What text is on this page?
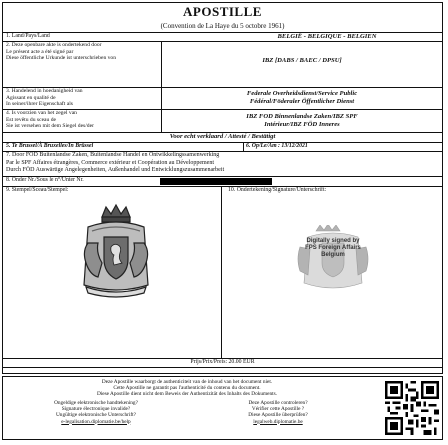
APOSTILLE
(Convention de La Haye du 5 octobre 1961)
1. Land/Pays/Land	BELGIË - BELGIQUE - BELGIEN
2. Deze openbare akte is ondertekend door
Le présent acte a été signé par
Diese öffentliche Urkunde ist unterschrieben von	IBZ [DABS / BAEC / DPSU]
3. Handelend in hoedanigheid van
Agissant en qualité de
In seiner/ihrer Eigenschaft als
Federale Overheidsdienst/Service Public
Fédéral/Föderaler Öffentlicher Dienst
4. Is voorzien van het zegel van
Est revêtu du sceau de
Sie ist versehen mit dem Siegel des/der
IBZ FOD Binnenlandse Zaken/IBZ SPF
Intérieur/IBZ FÖD Inneres
Voor echt verklaard / Attesté / Bestätigt
5. Te Brussel/À Bruxelles/In Brüssel	6. Op/Le/Am : 13/12/2021
7. Door FOD Buitenlandse Zaken, Buitenlandse Handel en Ontwikkelingssamenwerking
Par le SPF Affaires étrangères, Commerce extérieur et Coopération au Développement
Durch FÖD Auswärtige Angelegenheiten, Außenhandel und Entwicklungszusammenarbeit
8. Onder Nr./Sous le n°/Unter Nr.
9. Stempel/Sceau/Stempel:	10. Ondertekening/Signature/Unterschrift:
Digitally signed by
FPS Foreign Affairs
Belgium
Prijs/Prix/Preis: 20.00 EUR
Deze Apostille waarborgt de authenticiteit van de inhoud van het document niet.
Cette Apostille ne garantit pas l'authenticité du contenu du document.
Diese Apostille dient nicht dem Beweis der Authentizität des Inhalts des Dokuments.
Ongeldige elektronische handtekening?
Signature électronique invalide?
Ungültige elektronische Unterschrift?
e-legalisation.diplomatie.be/help
Deze Apostille controleren?
Vérifier cette Apostille ?
Diese Apostille überprüfen?
legalweb.diplomatie.be
